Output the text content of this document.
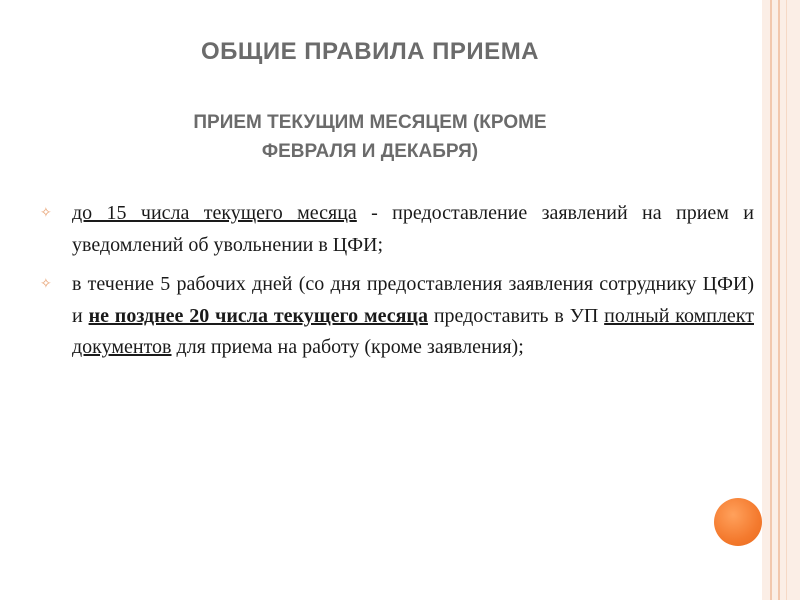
ОБЩИЕ ПРАВИЛА ПРИЕМА
ПРИЕМ ТЕКУЩИМ МЕСЯЦЕМ (КРОМЕ
ФЕВРАЛЯ И ДЕКАБРЯ)
✧ до 15 числа текущего месяца - предоставление заявлений на прием и уведомлений об увольнении в ЦФИ;
✧ в течение 5 рабочих дней (со дня предоставления заявления сотруднику ЦФИ) и не позднее 20 числа текущего месяца предоставить в УП полный комплект документов для приема на работу (кроме заявления);
